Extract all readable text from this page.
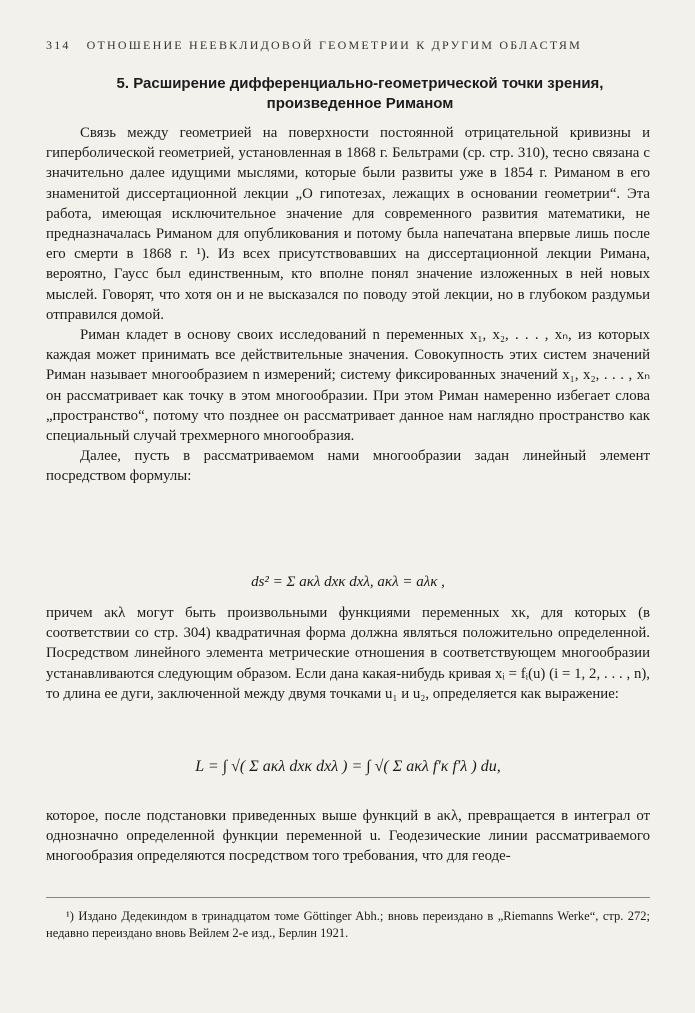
314 ОТНОШЕНИЕ НЕЕВКЛИДОВОЙ ГЕОМЕТРИИ К ДРУГИМ ОБЛАСТЯМ
5. Расширение дифференциально-геометрической точки зрения, произведенное Риманом

Связь между геометрией на поверхности постоянной отрицательной кривизны и гиперболической геометрией, установленная в 1868 г. Бельтрами (ср. стр. 310), тесно связана с значительно далее идущими мыслями, которые были развиты уже в 1854 г. Риманом в его знаменитой диссертационной лекции „О гипотезах, лежащих в основании геометрии“. Эта работа, имеющая исключительное значение для современного развития математики, не предназначалась Риманом для опубликования и потому была напечатана впервые лишь после его смерти в 1868 г. ¹). Из всех присутствовавших на диссертационной лекции Римана, вероятно, Гаусс был единственным, кто вполне понял значение изложенных в ней новых мыслей. Говорят, что хотя он и не высказался по поводу этой лекции, но в глубоком раздумьи отправился домой.

Риман кладет в основу своих исследований n переменных x₁, x₂, . . . , xₙ, из которых каждая может принимать все действительные значения. Совокупность этих систем значений Риман называет многообразием n измерений; систему фиксированных значений x₁, x₂, . . . , xₙ он рассматривает как точку в этом многообразии. При этом Риман намеренно избегает слова „пространство“, потому что позднее он рассматривает данное нам наглядно пространство как специальный случай трехмерного многообразия.

Далее, пусть в рассматриваемом нами многообразии задан линейный элемент посредством формулы:

ds² = Σ aκλ dxκ dxλ, aκλ = aλκ ,

причем aκλ могут быть произвольными функциями переменных xκ, для которых (в соответствии со стр. 304) квадратичная форма должна являться положительно определенной. Посредством линейного элемента метрические отношения в соответствующем многообразии устанавливаются следующим образом. Если дана какая-нибудь кривая xᵢ = fᵢ(u) (i = 1, 2, . . . , n), то длина ее дуги, заключенной между двумя точками u₁ и u₂, определяется как выражение:

L = ∫ √( Σ aκλ dxκ dxλ ) = ∫ √( Σ aκλ f′κ f′λ ) du,

которое, после подстановки приведенных выше функций в aκλ, превращается в интеграл от однозначно определенной функции переменной u. Геодезические линии рассматриваемого многообразия определяются посредством того требования, что для геоде-

¹) Издано Дедекиндом в тринадцатом томе Göttinger Abh.; вновь переиздано в „Riemanns Werke“, стр. 272; недавно переиздано вновь Вейлем 2-е изд., Берлин 1921.
